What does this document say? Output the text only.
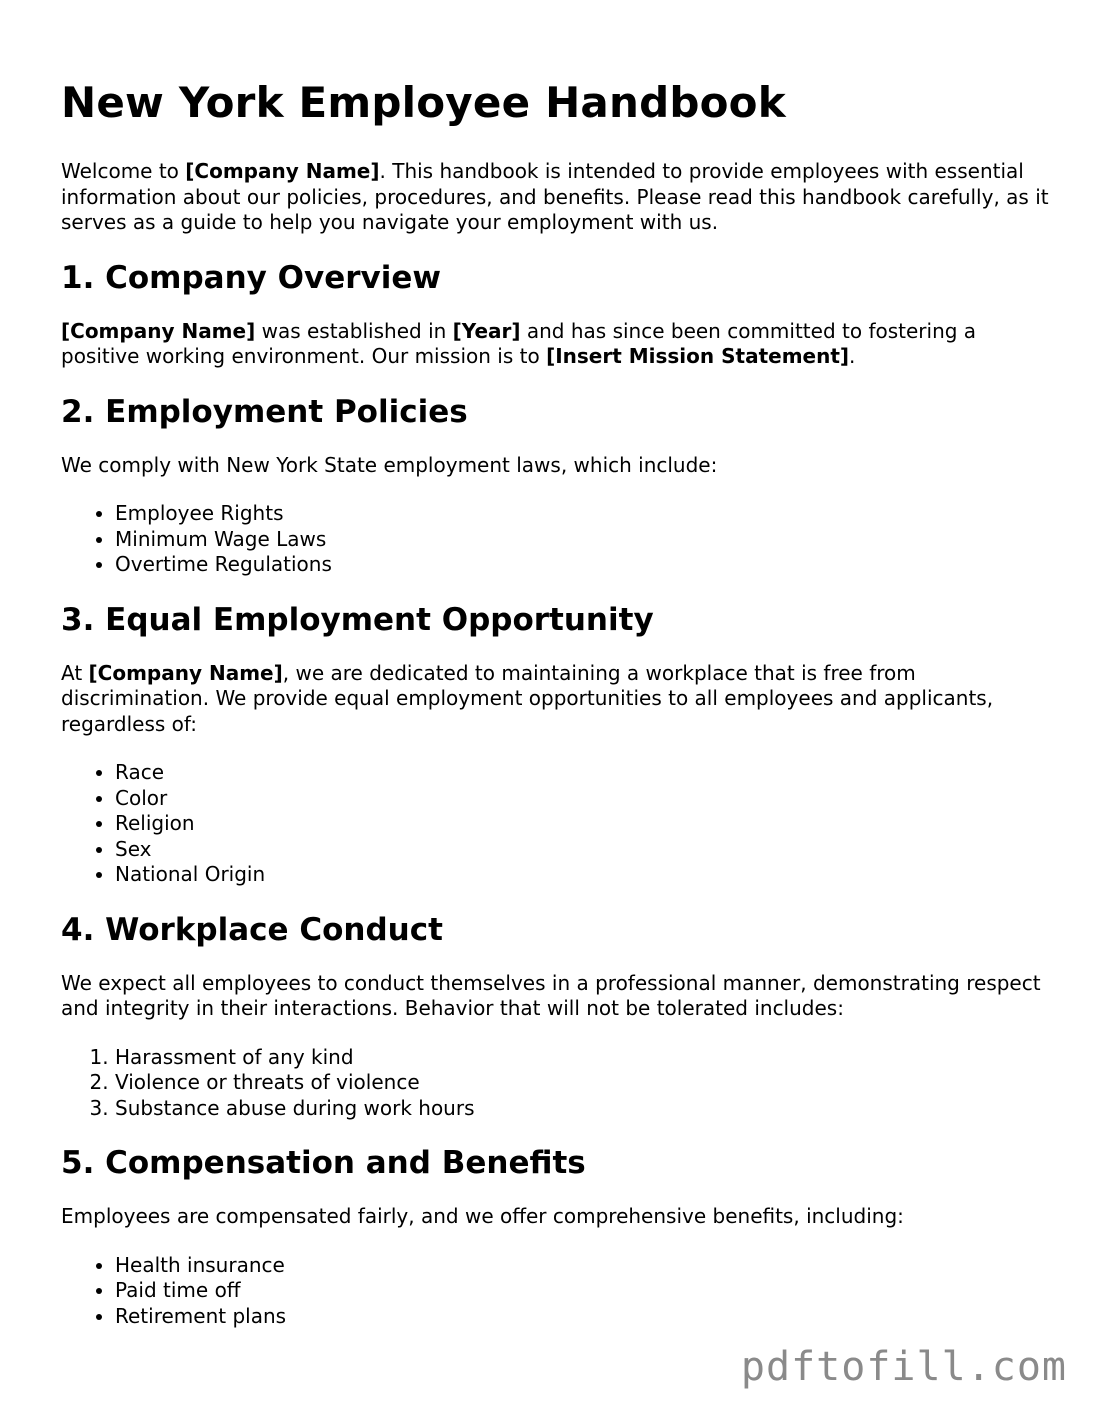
New York Employee Handbook

Welcome to [Company Name]. This handbook is intended to provide employees with essential information about our policies, procedures, and benefits. Please read this handbook carefully, as it serves as a guide to help you navigate your employment with us.

1. Company Overview

[Company Name] was established in [Year] and has since been committed to fostering a positive working environment. Our mission is to [Insert Mission Statement].

2. Employment Policies

We comply with New York State employment laws, which include:

• Employee Rights
• Minimum Wage Laws
• Overtime Regulations
3. Equal Employment Opportunity

At [Company Name], we are dedicated to maintaining a workplace that is free from discrimination. We provide equal employment opportunities to all employees and applicants, regardless of:

• Race
• Color
• Religion
• Sex
• National Origin
4. Workplace Conduct

We expect all employees to conduct themselves in a professional manner, demonstrating respect and integrity in their interactions. Behavior that will not be tolerated includes:

1. Harassment of any kind
2. Violence or threats of violence
3. Substance abuse during work hours
5. Compensation and Benefits

Employees are compensated fairly, and we offer comprehensive benefits, including:

• Health insurance
• Paid time off
• Retirement plans
pdftofill.com
